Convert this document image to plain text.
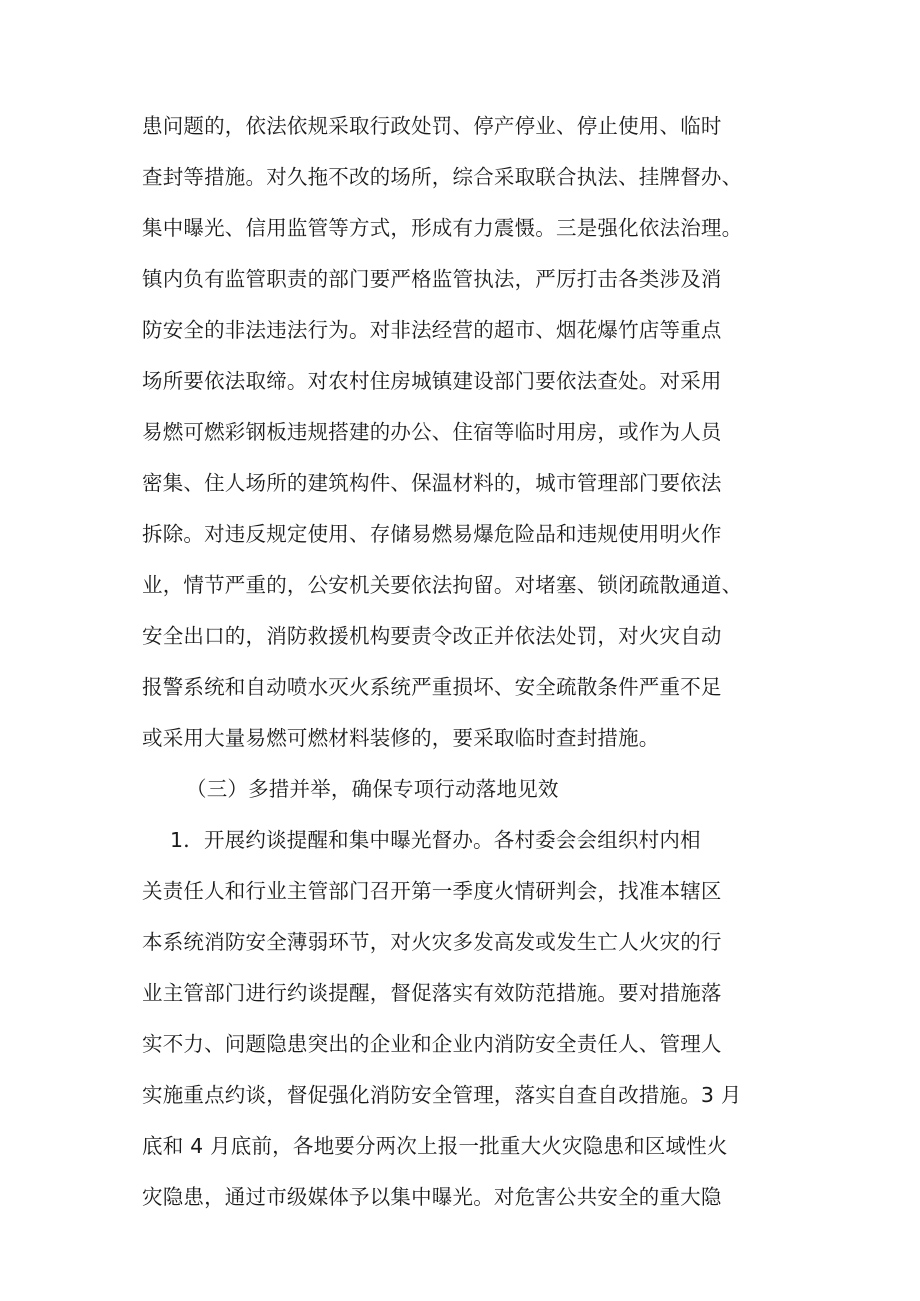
患问题的，依法依规采取行政处罚、停产停业、停止使用、临时
查封等措施。对久拖不改的场所，综合采取联合执法、挂牌督办、
集中曝光、信用监管等方式，形成有力震慑。三是强化依法治理。
镇内负有监管职责的部门要严格监管执法，严厉打击各类涉及消
防安全的非法违法行为。对非法经营的超市、烟花爆竹店等重点
场所要依法取缔。对农村住房城镇建设部门要依法查处。对采用
易燃可燃彩钢板违规搭建的办公、住宿等临时用房，或作为人员
密集、住人场所的建筑构件、保温材料的，城市管理部门要依法
拆除。对违反规定使用、存储易燃易爆危险品和违规使用明火作
业，情节严重的，公安机关要依法拘留。对堵塞、锁闭疏散通道、
安全出口的，消防救援机构要责令改正并依法处罚，对火灾自动
报警系统和自动喷水灭火系统严重损坏、安全疏散条件严重不足
或采用大量易燃可燃材料装修的，要采取临时查封措施。
（三）多措并举，确保专项行动落地见效
1．开展约谈提醒和集中曝光督办。各村委会会组织村内相
关责任人和行业主管部门召开第一季度火情研判会，找准本辖区
本系统消防安全薄弱环节，对火灾多发高发或发生亡人火灾的行
业主管部门进行约谈提醒，督促落实有效防范措施。要对措施落
实不力、问题隐患突出的企业和企业内消防安全责任人、管理人
实施重点约谈，督促强化消防安全管理，落实自查自改措施。3 月
底和 4 月底前，各地要分两次上报一批重大火灾隐患和区域性火
灾隐患，通过市级媒体予以集中曝光。对危害公共安全的重大隐
